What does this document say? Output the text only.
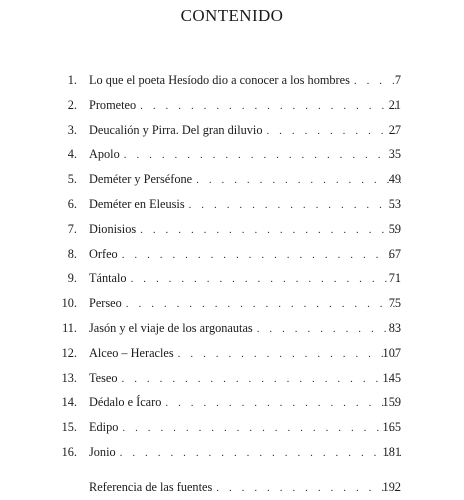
CONTENIDO
1. Lo que el poeta Hesíodo dio a conocer a los hombres . . .	7
2. Prometeo . . .	21
3. Deucalión y Pirra. Del gran diluvio . . .	27
4. Apolo . . .	35
5. Deméter y Perséfone . . .	49
6. Deméter en Eleusis . . .	53
7. Dionisios . . .	59
8. Orfeo . . .	67
9. Tántalo . . .	71
10. Perseo . . .	75
11. Jasón y el viaje de los argonautas . . .	83
12. Alceo – Heracles . . .	107
13. Teseo . . .	145
14. Dédalo e Ícaro . . .	159
15. Edipo . . .	165
16. Jonio . . .	181
Referencia de las fuentes . . .	192
